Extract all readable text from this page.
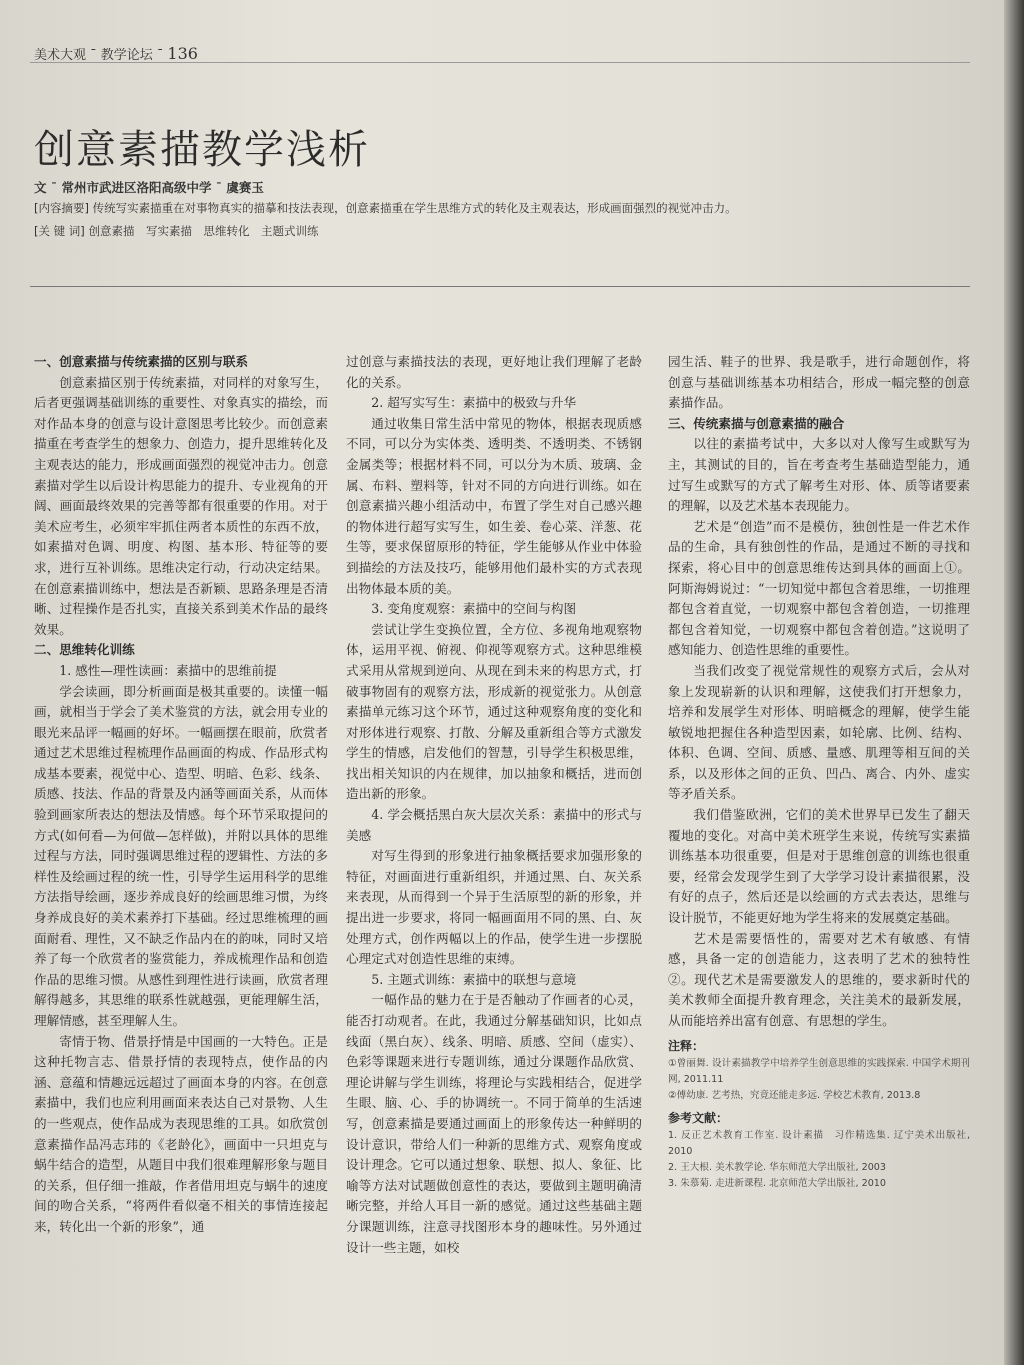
美术大观 ¯ 教学论坛 ¯ 136
创意素描教学浅析
文 ¯ 常州市武进区洛阳高级中学 ¯ 虞赛玉
[内容摘要] 传统写实素描重在对事物真实的描摹和技法表现，创意素描重在学生思维方式的转化及主观表达，形成画面强烈的视觉冲击力。
[关 键 词] 创意素描　写实素描　思维转化　主题式训练
一、创意素描与传统素描的区别与联系

创意素描区别于传统素描，对同样的对象写生，后者更强调基础训练的重要性、对象真实的描绘，而对作品本身的创意与设计意图思考比较少。而创意素描重在考查学生的想象力、创造力，提升思维转化及主观表达的能力，形成画面强烈的视觉冲击力。创意素描对学生以后设计构思能力的提升、专业视角的开阔、画面最终效果的完善等都有很重要的作用。对于美术应考生，必须牢牢抓住两者本质性的东西不放，如素描对色调、明度、构图、基本形、特征等的要求，进行互补训练。思维决定行动，行动决定结果。在创意素描训练中，想法是否新颖、思路条理是否清晰、过程操作是否扎实，直接关系到美术作品的最终效果。

二、思维转化训练
1. 感性—理性读画：素描中的思维前提

学会读画，即分析画面是极其重要的。读懂一幅画，就相当于学会了美术鉴赏的方法，就会用专业的眼光来品评一幅画的好坏。一幅画摆在眼前，欣赏者通过艺术思维过程梳理作品画面的构成、作品形式构成基本要素，视觉中心、造型、明暗、色彩、线条、质感、技法、作品的背景及内涵等画面关系，从而体验到画家所表达的想法及情感。每个环节采取提问的方式(如何看—为何做—怎样做)，并附以具体的思维过程与方法，同时强调思维过程的逻辑性、方法的多样性及绘画过程的统一性，引导学生运用科学的思维方法指导绘画，逐步养成良好的绘画思维习惯，为终身养成良好的美术素养打下基础。经过思维梳理的画面耐看、理性，又不缺乏作品内在的韵味，同时又培养了每一个欣赏者的鉴赏能力，养成梳理作品和创造作品的思维习惯。从感性到理性进行读画，欣赏者理解得越多，其思维的联系性就越强，更能理解生活，理解情感，甚至理解人生。

寄情于物、借景抒情是中国画的一大特色。正是这种托物言志、借景抒情的表现特点，使作品的内涵、意蕴和情趣远远超过了画面本身的内容。在创意素描中，我们也应利用画面来表达自己对景物、人生的一些观点，使作品成为表现思维的工具。如欣赏创意素描作品冯志玮的《老龄化》，画面中一只坦克与蜗牛结合的造型，从题目中我们很难理解形象与题目的关系，但仔细一推敲，作者借用坦克与蜗牛的速度间的吻合关系，“将两件看似毫不相关的事情连接起来，转化出一个新的形象”，通

过创意与素描技法的表现，更好地让我们理解了老龄化的关系。

2. 超写实写生：素描中的极致与升华

通过收集日常生活中常见的物体，根据表现质感不同，可以分为实体类、透明类、不透明类、不锈钢金属类等；根据材料不同，可以分为木质、玻璃、金属、布料、塑料等，针对不同的方向进行训练。如在创意素描兴趣小组活动中，布置了学生对自己感兴趣的物体进行超写实写生，如生姜、卷心菜、洋葱、花生等，要求保留原形的特征，学生能够从作业中体验到描绘的方法及技巧，能够用他们最朴实的方式表现出物体最本质的美。

3. 变角度观察：素描中的空间与构图

尝试让学生变换位置，全方位、多视角地观察物体，运用平视、俯视、仰视等观察方式。这种思维模式采用从常规到逆向、从现在到未来的构思方式，打破事物固有的观察方法，形成新的视觉张力。从创意素描单元练习这个环节，通过这种观察角度的变化和对形体进行观察、打散、分解及重新组合等方式激发学生的情感，启发他们的智慧，引导学生积极思维，找出相关知识的内在规律，加以抽象和概括，进而创造出新的形象。

4. 学会概括黑白灰大层次关系：素描中的形式与美感

对写生得到的形象进行抽象概括要求加强形象的特征，对画面进行重新组织，并通过黑、白、灰关系来表现，从而得到一个异于生活原型的新的形象，并提出进一步要求，将同一幅画面用不同的黑、白、灰处理方式，创作两幅以上的作品，使学生进一步摆脱心理定式对创造性思维的束缚。

5. 主题式训练：素描中的联想与意境

一幅作品的魅力在于是否触动了作画者的心灵，能否打动观者。在此，我通过分解基础知识，比如点线面（黑白灰）、线条、明暗、质感、空间（虚实）、色彩等课题来进行专题训练，通过分课题作品欣赏、理论讲解与学生训练，将理论与实践相结合，促进学生眼、脑、心、手的协调统一。不同于简单的生活速写，创意素描是要通过画面上的形象传达一种鲜明的设计意识，带给人们一种新的思维方式、观察角度或设计理念。它可以通过想象、联想、拟人、象征、比喻等方法对试题做创意性的表达，要做到主题明确清晰完整，并给人耳目一新的感觉。通过这些基础主题分课题训练，注意寻找图形本身的趣味性。另外通过设计一些主题，如校

园生活、鞋子的世界、我是歌手，进行命题创作，将创意与基础训练基本功相结合，形成一幅完整的创意素描作品。

三、传统素描与创意素描的融合

以往的素描考试中，大多以对人像写生或默写为主，其测试的目的，旨在考查考生基础造型能力，通过写生或默写的方式了解考生对形、体、质等诸要素的理解，以及艺术基本表现能力。

艺术是“创造”而不是模仿，独创性是一件艺术作品的生命，具有独创性的作品，是通过不断的寻找和探索，将心目中的创意思维传达到具体的画面上①。阿斯海姆说过：“一切知觉中都包含着思维，一切推理都包含着直觉，一切观察中都包含着创造，一切推理都包含着知觉，一切观察中都包含着创造。”这说明了感知能力、创造性思维的重要性。

当我们改变了视觉常规性的观察方式后，会从对象上发现崭新的认识和理解，这使我们打开想象力，培养和发展学生对形体、明暗概念的理解，使学生能敏锐地把握住各种造型因素，如轮廓、比例、结构、体积、色调、空间、质感、量感、肌理等相互间的关系，以及形体之间的正负、凹凸、离合、内外、虚实等矛盾关系。

我们借鉴欧洲，它们的美术世界早已发生了翻天覆地的变化。对高中美术班学生来说，传统写实素描训练基本功很重要，但是对于思维创意的训练也很重要，经常会发现学生到了大学学习设计素描很累，没有好的点子，然后还是以绘画的方式去表达，思维与设计脱节，不能更好地为学生将来的发展奠定基础。

艺术是需要悟性的，需要对艺术有敏感、有情感，具备一定的创造能力，这表明了艺术的独特性②。现代艺术是需要激发人的思维的，要求新时代的美术教师全面提升教育理念，关注美术的最新发展，从而能培养出富有创意、有思想的学生。

注释：

①曾丽舞. 设计素描教学中培养学生创意思维的实践探索. 中国学术期刊网, 2011.11

②傅幼康. 艺考热，究竟还能走多远. 学校艺术教育, 2013.8

参考文献：

1. 反正艺术教育工作室. 设计素描　习作精选集. 辽宁美术出版社, 2010

2. 王大根. 美术教学论. 华东师范大学出版社, 2003

3. 朱慕菊. 走进新课程. 北京师范大学出版社, 2010
